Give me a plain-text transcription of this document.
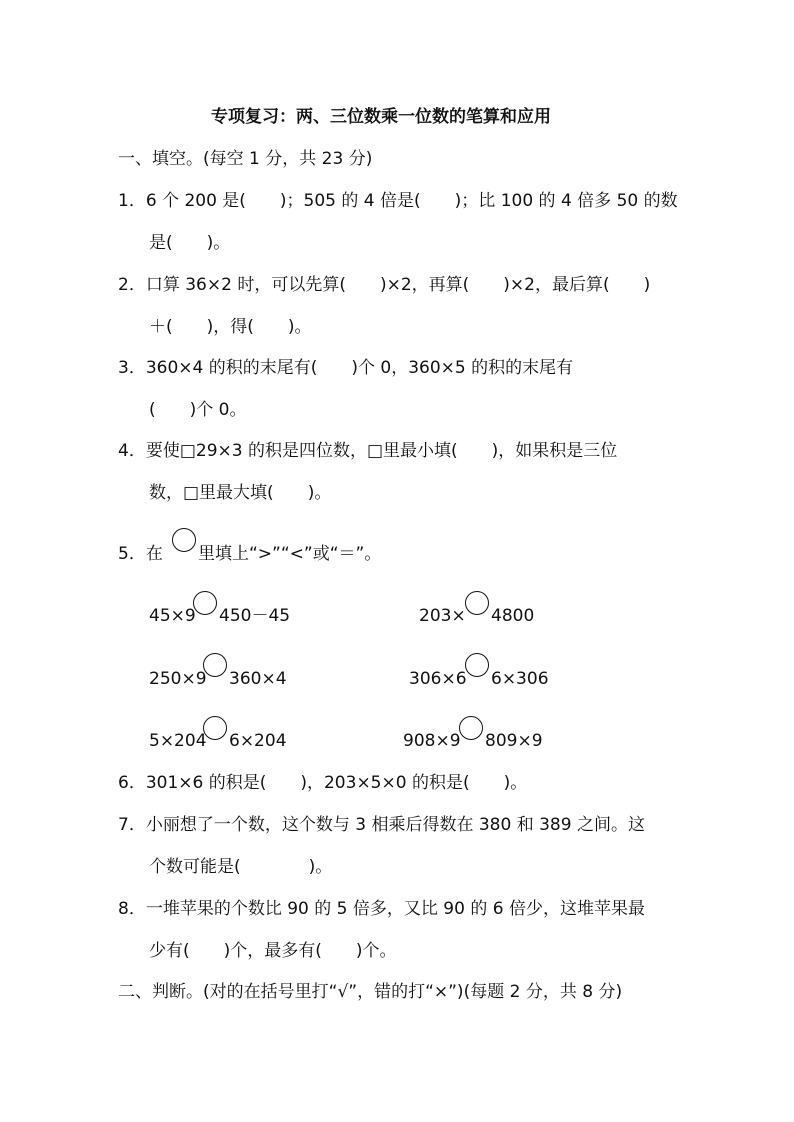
专项复习：两、三位数乘一位数的笔算和应用
一、填空。(每空 1 分，共 23 分)
1．6 个 200 是(　　)；505 的 4 倍是(　　)；比 100 的 4 倍多 50 的数
是(　　)。
2．口算 36×2 时，可以先算(　　)×2，再算(　　)×2，最后算(　　)
＋(　　)，得(　　)。
3．360×4 的积的末尾有(　　)个 0，360×5 的积的末尾有
(　　)个 0。
4．要使□29×3 的积是四位数，□里最小填(　　)，如果积是三位
数，□里最大填(　　)。
5．在 里填上“>”“<”或“＝”。
45×9 450－45	203× 4800
250×9 360×4	306×6 6×306
5×204 6×204	908×9 809×9
6．301×6 的积是(　　)，203×5×0 的积是(　　)。
7．小丽想了一个数，这个数与 3 相乘后得数在 380 和 389 之间。这
个数可能是(　　　　)。
8．一堆苹果的个数比 90 的 5 倍多，又比 90 的 6 倍少，这堆苹果最
少有(　　)个，最多有(　　)个。
二、判断。(对的在括号里打“√”，错的打“×”)(每题 2 分，共 8 分)
